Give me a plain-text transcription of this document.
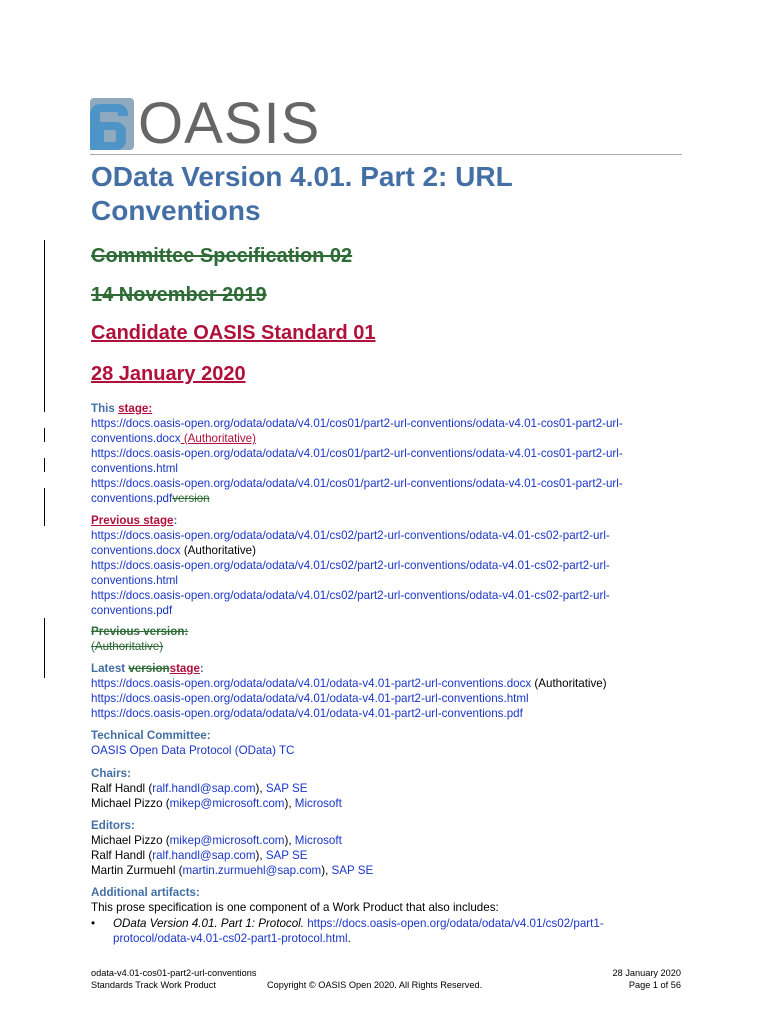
OASIS
OData Version 4.01. Part 2: URL Conventions
Committee Specification 02
14 November 2019
Candidate OASIS Standard 01
28 January 2020
This stage:
https://docs.oasis-open.org/odata/odata/v4.01/cos01/part2-url-conventions/odata-v4.01-cos01-part2-url-
conventions.docx (Authoritative)
https://docs.oasis-open.org/odata/odata/v4.01/cos01/part2-url-conventions/odata-v4.01-cos01-part2-url-
conventions.html
https://docs.oasis-open.org/odata/odata/v4.01/cos01/part2-url-conventions/odata-v4.01-cos01-part2-url-
conventions.pdfversion
Previous stage:
https://docs.oasis-open.org/odata/odata/v4.01/cs02/part2-url-conventions/odata-v4.01-cs02-part2-url-
conventions.docx (Authoritative)
https://docs.oasis-open.org/odata/odata/v4.01/cs02/part2-url-conventions/odata-v4.01-cs02-part2-url-
conventions.html
https://docs.oasis-open.org/odata/odata/v4.01/cs02/part2-url-conventions/odata-v4.01-cs02-part2-url-
conventions.pdf
Previous version:
(Authoritative)
Latest versionstage:
https://docs.oasis-open.org/odata/odata/v4.01/odata-v4.01-part2-url-conventions.docx (Authoritative)
https://docs.oasis-open.org/odata/odata/v4.01/odata-v4.01-part2-url-conventions.html
https://docs.oasis-open.org/odata/odata/v4.01/odata-v4.01-part2-url-conventions.pdf
Technical Committee:
OASIS Open Data Protocol (OData) TC
Chairs:
Ralf Handl (ralf.handl@sap.com), SAP SE
Michael Pizzo (mikep@microsoft.com), Microsoft
Editors:
Michael Pizzo (mikep@microsoft.com), Microsoft
Ralf Handl (ralf.handl@sap.com), SAP SE
Martin Zurmuehl (martin.zurmuehl@sap.com), SAP SE
Additional artifacts:
This prose specification is one component of a Work Product that also includes:
• OData Version 4.01. Part 1: Protocol. https://docs.oasis-open.org/odata/odata/v4.01/cs02/part1-
protocol/odata-v4.01-cs02-part1-protocol.html.
odata-v4.01-cos01-part2-url-conventions
Standards Track Work Product	Copyright © OASIS Open 2020. All Rights Reserved.
28 January 2020
Page 1 of 56
